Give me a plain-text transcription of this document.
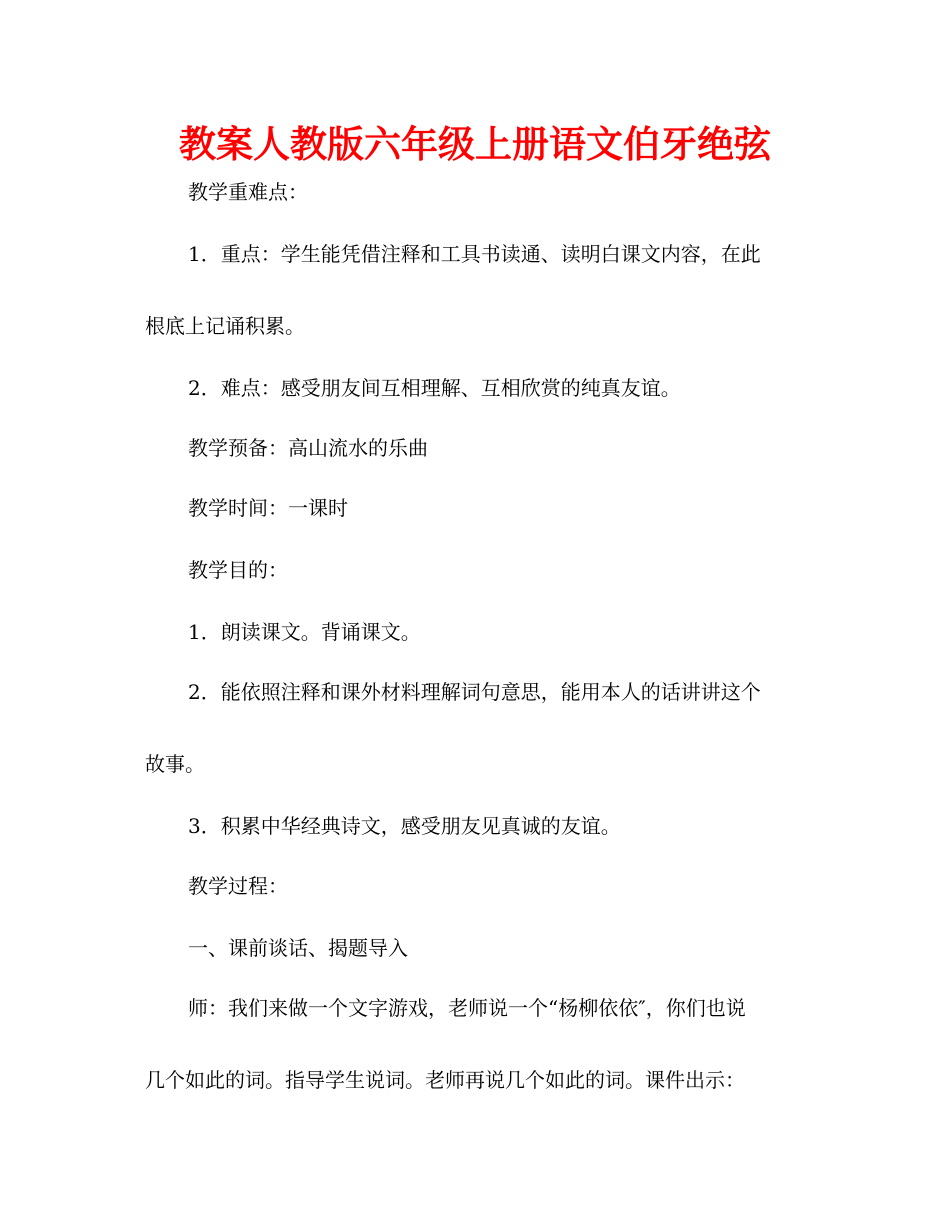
教案人教版六年级上册语文伯牙绝弦
教学重难点：
1．重点：学生能凭借注释和工具书读通、读明白课文内容，在此
根底上记诵积累。
2．难点：感受朋友间互相理解、互相欣赏的纯真友谊。
教学预备：高山流水的乐曲
教学时间：一课时
教学目的：
1．朗读课文。背诵课文。
2．能依照注释和课外材料理解词句意思，能用本人的话讲讲这个
故事。
3．积累中华经典诗文，感受朋友见真诚的友谊。
教学过程：
一、课前谈话、揭题导入
师：我们来做一个文字游戏，老师说一个“杨柳依依″，你们也说
几个如此的词。指导学生说词。老师再说几个如此的词。课件出示：
